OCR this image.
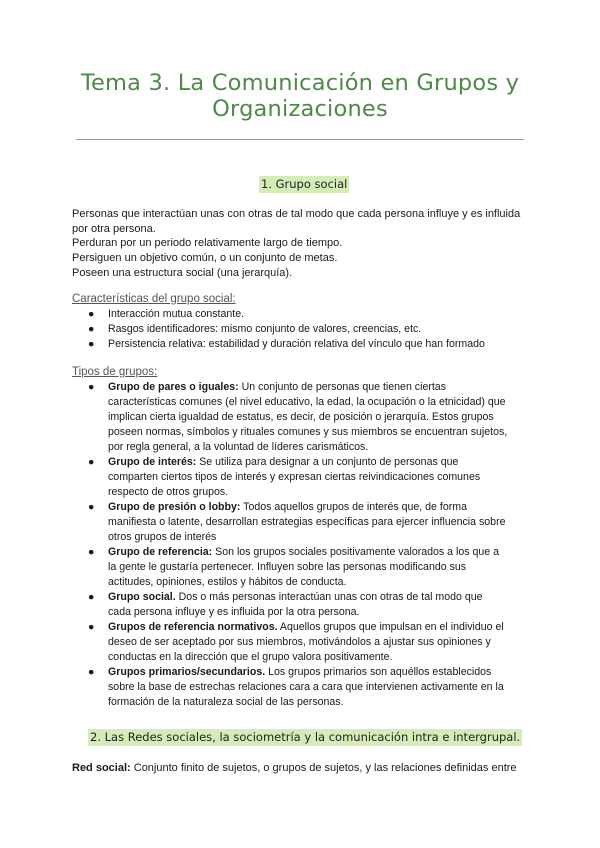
Tema 3. La Comunicación en Grupos y
Organizaciones
1. Grupo social
Personas que interactúan unas con otras de tal modo que cada persona influye y es influida
por otra persona.
Perduran por un periodo relativamente largo de tiempo.
Persiguen un objetivo común, o un conjunto de metas.
Poseen una estructura social (una jerarquía).
Características del grupo social:
● Interacción mutua constante.
● Rasgos identificadores: mismo conjunto de valores, creencias, etc.
● Persistencia relativa: estabilidad y duración relativa del vínculo que han formado
Tipos de grupos:
● Grupo de pares o iguales: Un conjunto de personas que tienen ciertas
características comunes (el nivel educativo, la edad, la ocupación o la etnicidad) que
implican cierta igualdad de estatus, es decir, de posición o jerarquía. Estos grupos
poseen normas, símbolos y rituales comunes y sus miembros se encuentran sujetos,
por regla general, a la voluntad de líderes carismáticos.
● Grupo de interés: Se utiliza para designar a un conjunto de personas que
comparten ciertos tipos de interés y expresan ciertas reivindicaciones comunes
respecto de otros grupos.
● Grupo de presión o lobby: Todos aquellos grupos de interés que, de forma
manifiesta o latente, desarrollan estrategias específicas para ejercer influencia sobre
otros grupos de interés
● Grupo de referencia: Son los grupos sociales positivamente valorados a los que a
la gente le gustaría pertenecer. Influyen sobre las personas modificando sus
actitudes, opiniones, estilos y hábitos de conducta.
● Grupo social. Dos o más personas interactúan unas con otras de tal modo que
cada persona influye y es influida por la otra persona.
● Grupos de referencia normativos. Aquellos grupos que impulsan en el individuo el
deseo de ser aceptado por sus miembros, motivándolos a ajustar sus opiniones y
conductas en la dirección que el grupo valora positivamente.
● Grupos primarios/secundarios. Los grupos primarios son aquéllos establecidos
sobre la base de estrechas relaciones cara a cara que intervienen activamente en la
formación de la naturaleza social de las personas.
2. Las Redes sociales, la sociometría y la comunicación intra e intergrupal.
Red social: Conjunto finito de sujetos, o grupos de sujetos, y las relaciones definidas entre
